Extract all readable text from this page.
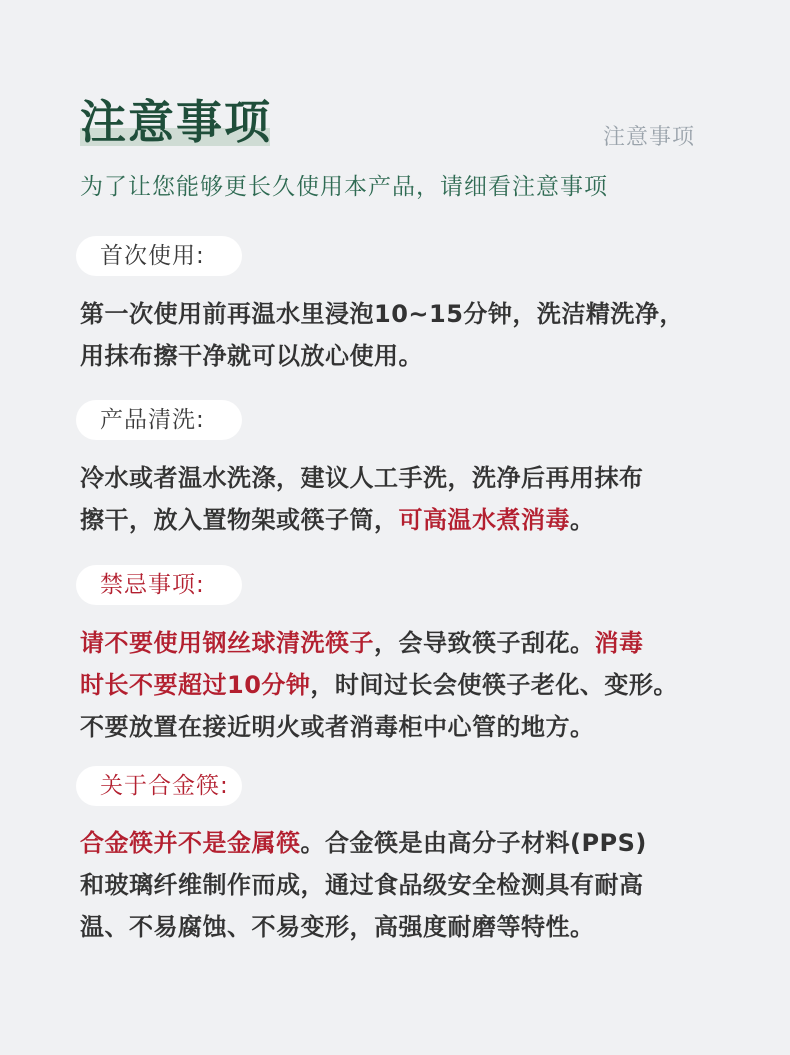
注意事项	注意事项
为了让您能够更长久使用本产品，请细看注意事项
首次使用:
第一次使用前再温水里浸泡10~15分钟，洗洁精洗净，
用抹布擦干净就可以放心使用。
产品清洗:
冷水或者温水洗涤，建议人工手洗，洗净后再用抹布
擦干，放入置物架或筷子筒，可高温水煮消毒。
禁忌事项:
请不要使用钢丝球清洗筷子，会导致筷子刮花。消毒
时长不要超过10分钟，时间过长会使筷子老化、变形。
不要放置在接近明火或者消毒柜中心管的地方。
关于合金筷:
合金筷并不是金属筷。合金筷是由高分子材料(PPS)
和玻璃纤维制作而成，通过食品级安全检测具有耐高
温、不易腐蚀、不易变形，高强度耐磨等特性。
